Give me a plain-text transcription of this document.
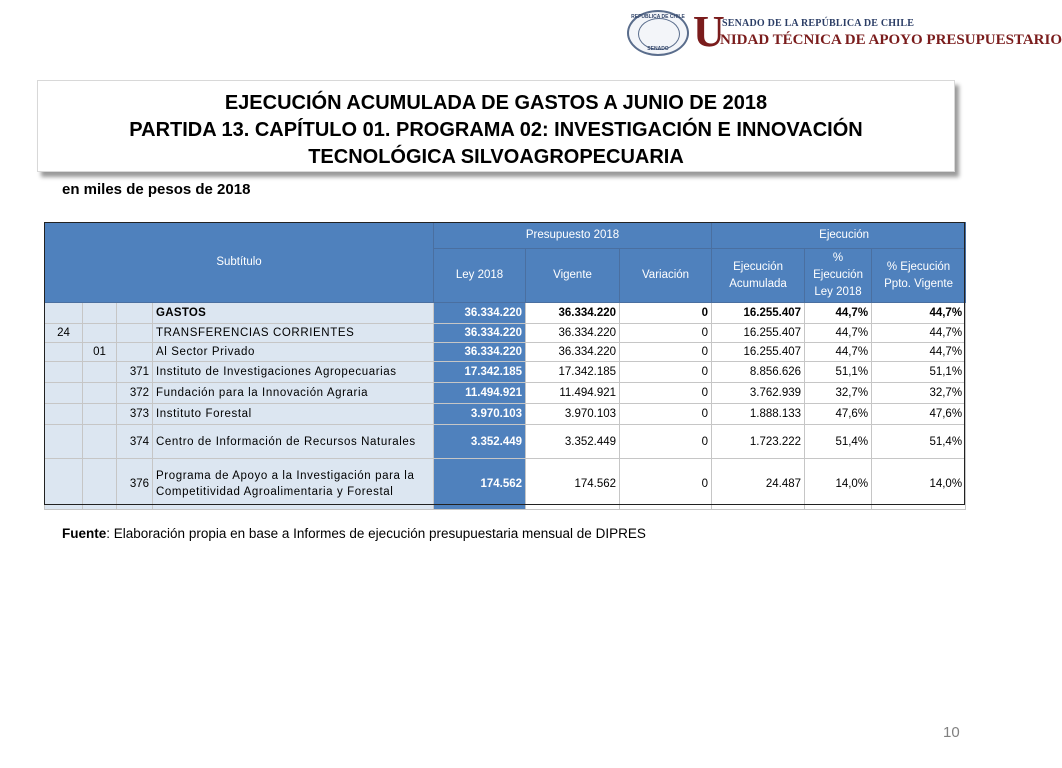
REPÚBLICA DE CHILE
SENADO U
SENADO DE LA REPÚBLICA DE CHILE
NIDAD TÉCNICA DE APOYO PRESUPUESTARIO
EJECUCIÓN ACUMULADA DE GASTOS A JUNIO DE 2018
PARTIDA 13. CAPÍTULO 01. PROGRAMA 02: INVESTIGACIÓN E INNOVACIÓN TECNOLÓGICA SILVOAGROPECUARIA
en miles de pesos de 2018
Subtítulo				Presupuesto 2018			Ejecución		
				Ley 2018	Vigente	Variación	Ejecución Acumulada	% Ejecución Ley 2018	% Ejecución Ppto. Vigente
			GASTOS	36.334.220	36.334.220	0	16.255.407	44,7%	44,7%
24			TRANSFERENCIAS CORRIENTES	36.334.220	36.334.220	0	16.255.407	44,7%	44,7%
	01		Al Sector Privado	36.334.220	36.334.220	0	16.255.407	44,7%	44,7%
		371	Instituto de Investigaciones Agropecuarias	17.342.185	17.342.185	0	8.856.626	51,1%	51,1%
		372	Fundación para la Innovación Agraria	11.494.921	11.494.921	0	3.762.939	32,7%	32,7%
		373	Instituto Forestal	3.970.103	3.970.103	0	1.888.133	47,6%	47,6%
		374	Centro de Información de Recursos Naturales	3.352.449	3.352.449	0	1.723.222	51,4%	51,4%
		376	Programa de Apoyo a la Investigación para la Competitividad Agroalimentaria y Forestal	174.562	174.562	0	24.487	14,0%	14,0%
Fuente: Elaboración propia en base a Informes de ejecución presupuestaria mensual de DIPRES
10
